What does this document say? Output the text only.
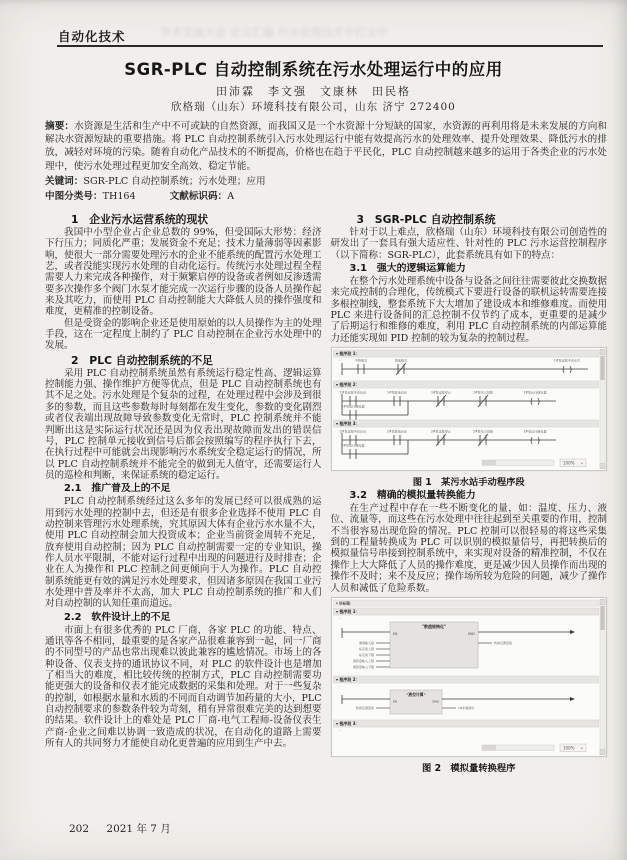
学术交流大会 论文汇编 污水处理技术专栏文中
自动化技术
SGR-PLC 自动控制系统在污水处理运行中的应用
田沛霖　李文强　文康林　田民格
欣格瑞（山东）环境科技有限公司，山东 济宁 272400

摘要：水资源是生活和生产中不可或缺的自然资源，而我国又是一个水资源十分短缺的国家，水资源的再利用将是未来发展的方向和解决水资源短缺的重要措施。将 PLC 自动控制系统引入污水处理运行中能有效提高污水的处理效率、提升处理效果、降低污水的排放，减轻对环境的污染。随着自动化产品技术的不断提高，价格也在趋于平民化，PLC 自动控制越来越多的运用于各类企业的污水处理中，使污水处理过程更加安全高效、稳定节能。

关键词：SGR-PLC 自动控制系统；污水处理；应用

中图分类号：TH164	文献标识码：A

1　企业污水运营系统的现状

我国中小型企业占企业总数的 99%，但受国际大形势：经济下行压力；同质化严重；发展资金不充足；技术力量薄弱等因素影响，使很大一部分需要处理污水的企业不能系统的配置污水处理工艺，或者没能实现污水处理的自动化运行。传统污水处理过程全程需要人力来完成各种操作，对于频繁启停的设备或者例如反渗透需要多次操作多个阀门水泵才能完成一次运行步骤的设备人员操作起来及其吃力，而使用 PLC 自动控制能大大降低人员的操作强度和难度，更精准的控制设备。

但是受资金的影响企业还是使用原始的以人员操作为主的处理手段，这在一定程度上制约了 PLC 自动控制在企业污水处理中的发展。

2　PLC 自动控制系统的不足

采用 PLC 自动控制系统虽然有系统运行稳定性高、逻辑运算控制能力强、操作维护方便等优点，但是 PLC 自动控制系统也有其不足之处。污水处理是个复杂的过程，在处理过程中会涉及到很多的参数，而且这些参数每时每刻都在发生变化，参数的变化剧烈或者仪表端出现故障导致参数变化无常时，PLC 控制系统并不能判断出这是实际运行状况还是因为仪表出现故障而发出的错误信号，PLC 控制单元接收到信号后都会按照编写的程序执行下去，在执行过程中可能就会出现影响污水系统安全稳定运行的情况，所以 PLC 自动控制系统并不能完全的做到无人值守，还需要运行人员的巡检和判断，来保证系统的稳定运行。

2.1　推广普及上的不足

PLC 自动控制系统经过这么多年的发展已经可以很成熟的运用到污水处理的控制中去，但还是有很多企业选择不使用 PLC 自动控制来管理污水处理系统，究其原因大体有企业污水水量不大，使用 PLC 自动控制会加大投资成本；企业当前资金周转不充足，放弃使用自动控制；因为 PLC 自动控制需要一定的专业知识，操作人员水平限制，不能对运行过程中出现的问题进行及时排查；企业在人为操作和 PLC 控制之间更倾向于人为操作。PLC 自动控制系统能更有效的满足污水处理要求，但因诸多原因在我国工业污水处理中普及率并不太高，加大 PLC 自动控制系统的推广和人们对自动控制的认知任重而道远。

2.2　软件设计上的不足

市面上有很多优秀的 PLC 厂商，各家 PLC 的功能、特点、通讯等各不相同，最重要的是各家产品很难兼容到一起，同一厂商的不同型号的产品也常出现难以彼此兼容的尴尬情况。市场上的各种设备、仪表支持的通讯协议不同，对 PLC 的软件设计也是增加了相当大的难度，相比较传统的控制方式，PLC 自动控制需要功能更强大的设备和仪表才能完成数据的采集和处理。对于一些复杂的控制，如根据水量和水质的不同而自动调节加药量的大小，PLC 自动控制要求的参数条件较为苛刻，稍有异常很难完美的达到想要的结果。软件设计上的难处是 PLC 厂商-电气工程师-设备仪表生产商-企业之间难以协调一致造成的状况，在自动化的道路上需要所有人的共同努力才能使自动化更普遍的应用到生产中去。

3　SGR-PLC 自动控制系统

针对于以上难点，欣格瑞（山东）环境科技有限公司创造性的研发出了一套具有强大适应性、针对性的 PLC 污水运营控制程序（以下简称：SGR-PLC），此套系统具有如下的特点：

3.1　强大的逻辑运算能力

在整个污水处理系统中设备与设备之间往往需要彼此交换数据来完成控制的合理化，传统模式下要进行设备的联机运转需要连接多根控制线，整套系统下大大增加了建设成本和维修难度。而使用 PLC 来进行设备间的汇总控制不仅节约了成本，更重要的是减少了后期运行和维修的难度，利用 PLC 自动控制系统的内部运算能力还能实现如 PID 控制的较为复杂的控制过程。

▾ 程序段 1：
…	中控模式	就地模式
( )
1#泵远程手动允许
▾ 程序段 2：
…
1#泵远程手动启动	1#泵就地启动	1#泵远程停止	1#泵综合故障
( )
1#泵运行继电器
1#泵运行继电器
▾ 程序段 3：
…
2#泵远程手动启动	2#泵就地启动	2#泵远程停止	2#泵综合故障
( )
2#泵运行继电器
2#泵运行继电器
100% ▾
图 1　某污水站手动程序段
3.2　精确的模拟量转换能力

在生产过程中存在一些不断变化的量，如：温度、压力、液位、流量等，而这些在污水处理中往往起到至关重要的作用，控制不当很容易出现危险的情况。PLC 控制可以很轻易的将这些采集到的工程量转换成为 PLC 可以识别的模拟量信号，再把转换后的模拟量信号串接到控制系统中，来实现对设备的精准控制，不仅在操作上大大降低了人员的操作难度，更是减少因人员操作而出现的操作不及时；来不及反应；操作场所较为危险的问题，减少了操作人员和减低了危险系数。

▾ 块标题：
▾ 程序段 1：
…
"数值规格化"
EN	ENO
通道输入值
标定值上限
标定值下限
模拟量输入上限
模拟量输入下限
转换后测量值
▾ 程序段 2：
…
"液位计算"
EN	ENO
转换后测量值	1#水箱液位
▾ 程序段 3：
…
100% ▾
图 2　模拟量转换程序
202 2021 年 7 月
